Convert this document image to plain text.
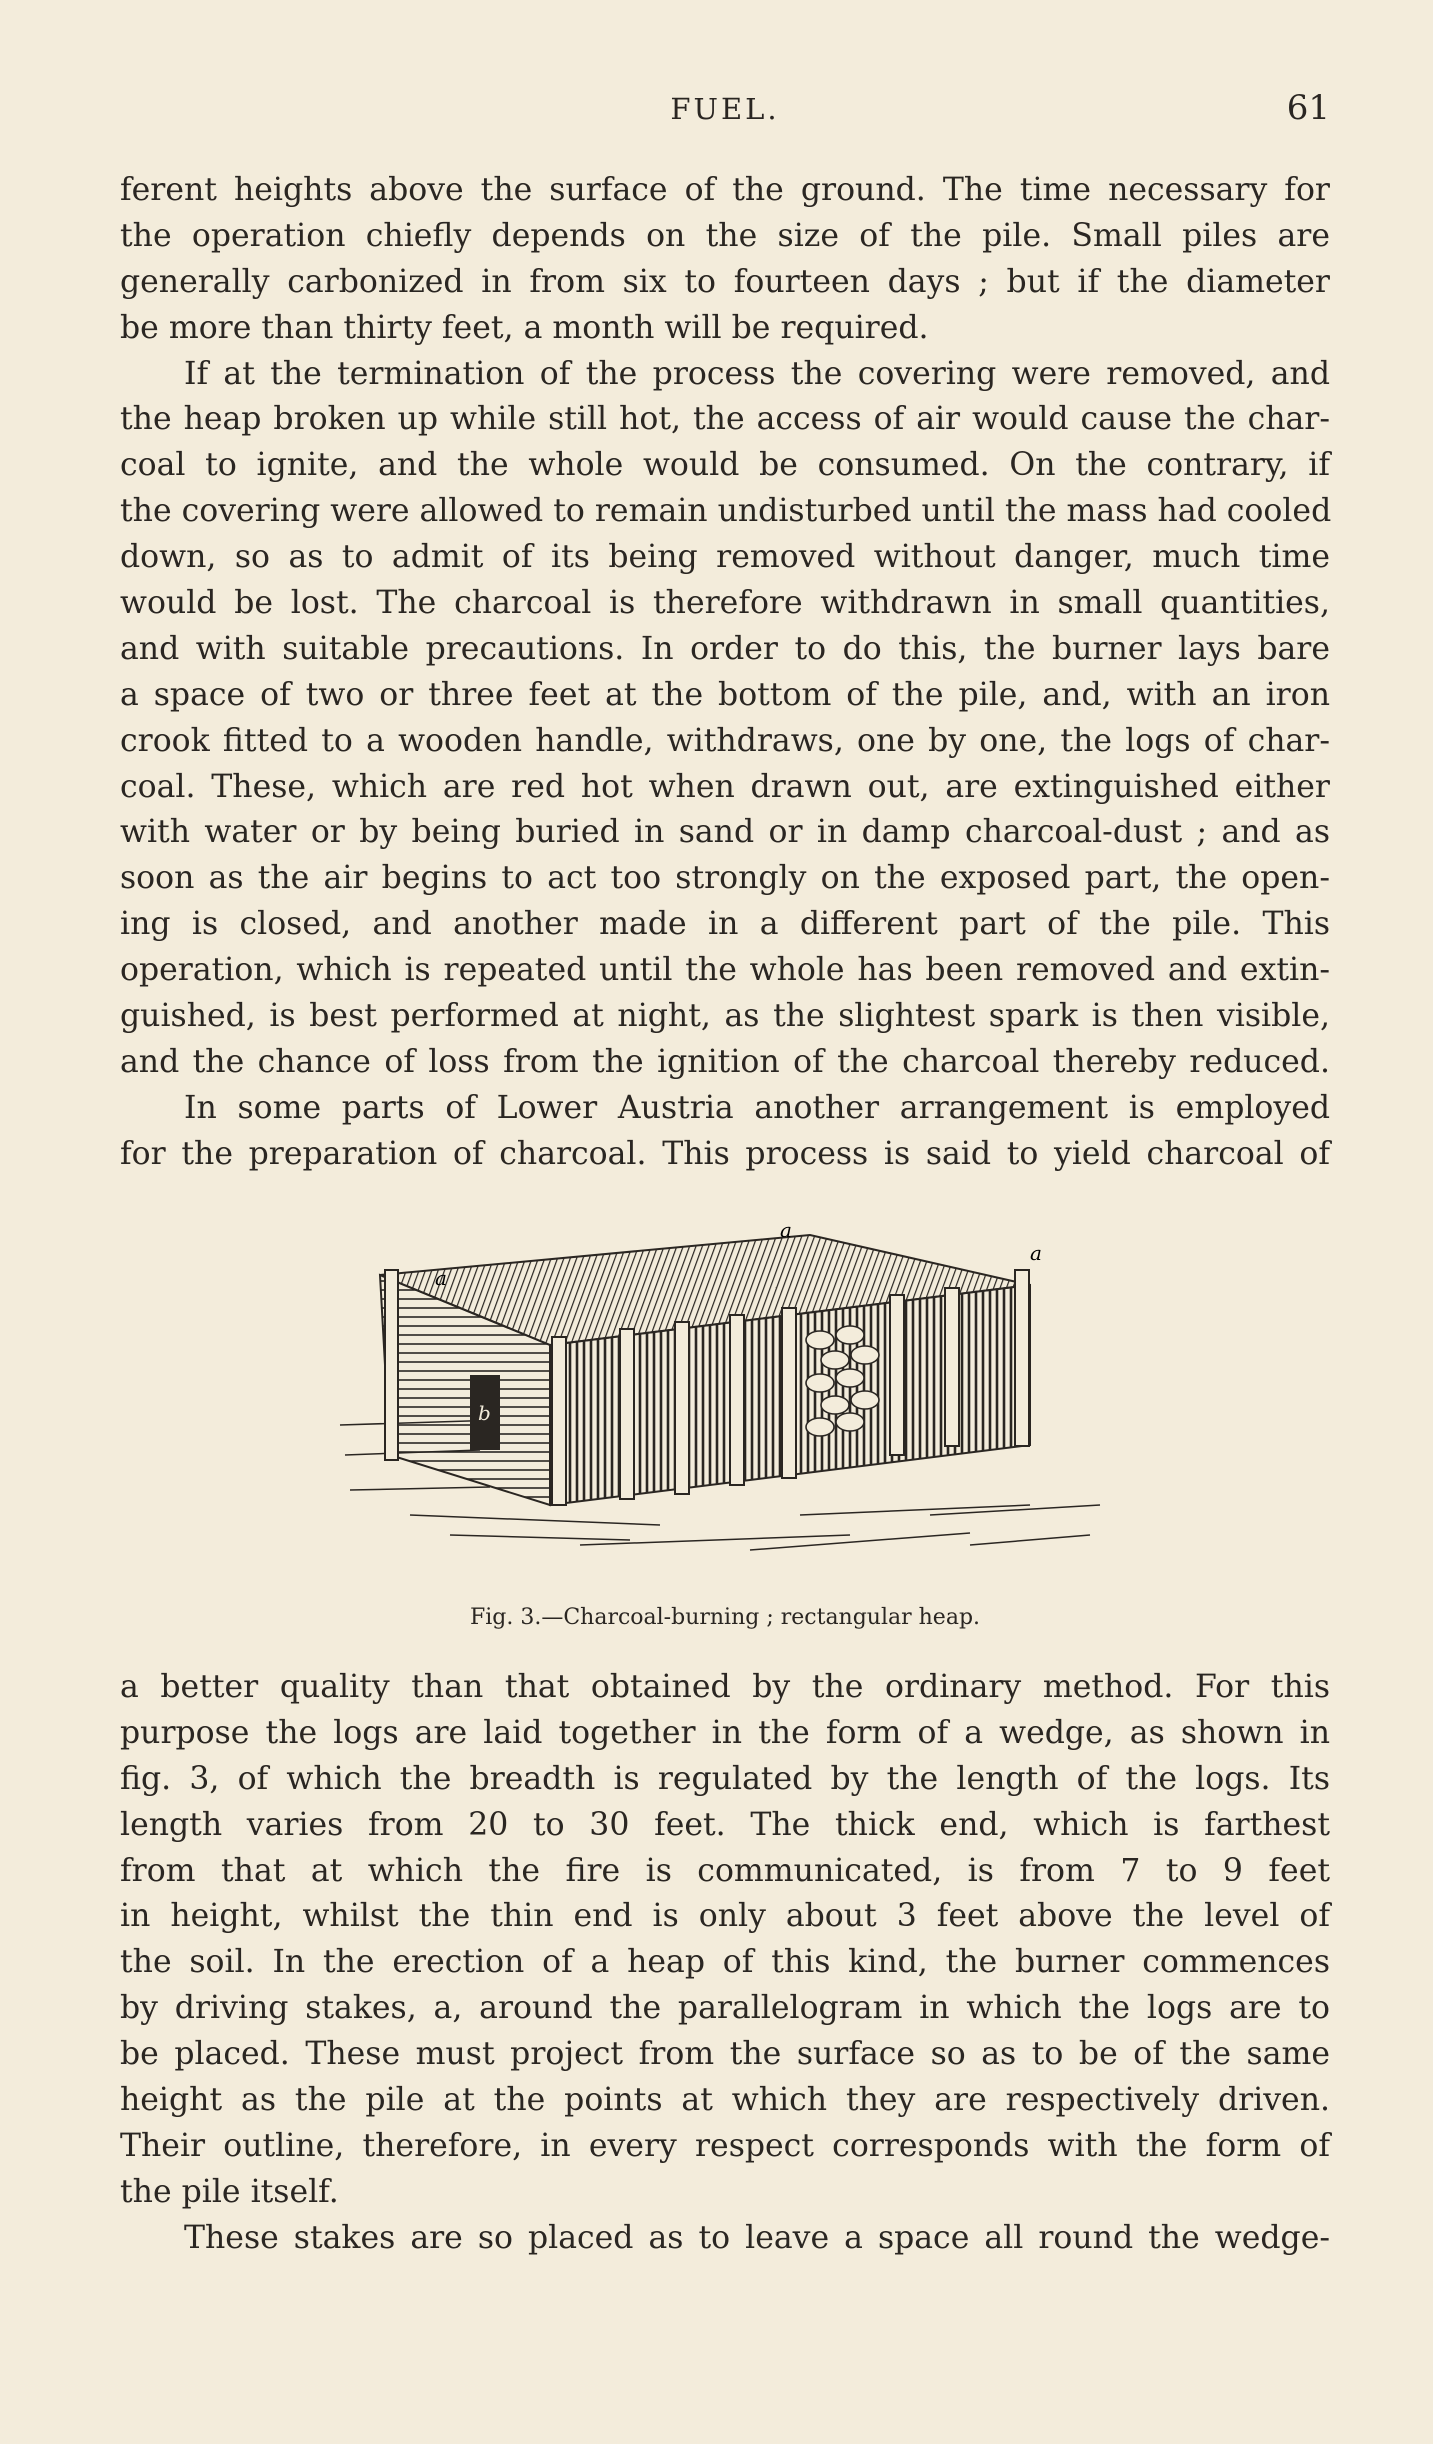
FUEL.	61
ferent heights above the surface of the ground. The time necessary for
the operation chiefly depends on the size of the pile. Small piles are
generally carbonized in from six to fourteen days ; but if the diameter
be more than thirty feet, a month will be required.
If at the termination of the process the covering were removed, and
the heap broken up while still hot, the access of air would cause the char-
coal to ignite, and the whole would be consumed. On the contrary, if
the covering were allowed to remain undisturbed until the mass had cooled
down, so as to admit of its being removed without danger, much time
would be lost. The charcoal is therefore withdrawn in small quantities,
and with suitable precautions. In order to do this, the burner lays bare
a space of two or three feet at the bottom of the pile, and, with an iron
crook fitted to a wooden handle, withdraws, one by one, the logs of char-
coal. These, which are red hot when drawn out, are extinguished either
with water or by being buried in sand or in damp charcoal-dust ; and as
soon as the air begins to act too strongly on the exposed part, the open-
ing is closed, and another made in a different part of the pile. This
operation, which is repeated until the whole has been removed and extin-
guished, is best performed at night, as the slightest spark is then visible,
and the chance of loss from the ignition of the charcoal thereby reduced.
In some parts of Lower Austria another arrangement is employed
for the preparation of charcoal. This process is said to yield charcoal of
a
a
a
b
Fig. 3.—Charcoal-burning ; rectangular heap.
a better quality than that obtained by the ordinary method. For this
purpose the logs are laid together in the form of a wedge, as shown in
fig. 3, of which the breadth is regulated by the length of the logs. Its
length varies from 20 to 30 feet. The thick end, which is farthest
from that at which the fire is communicated, is from 7 to 9 feet
in height, whilst the thin end is only about 3 feet above the level of
the soil. In the erection of a heap of this kind, the burner commences
by driving stakes, a, around the parallelogram in which the logs are to
be placed. These must project from the surface so as to be of the same
height as the pile at the points at which they are respectively driven.
Their outline, therefore, in every respect corresponds with the form of
the pile itself.
These stakes are so placed as to leave a space all round the wedge-
